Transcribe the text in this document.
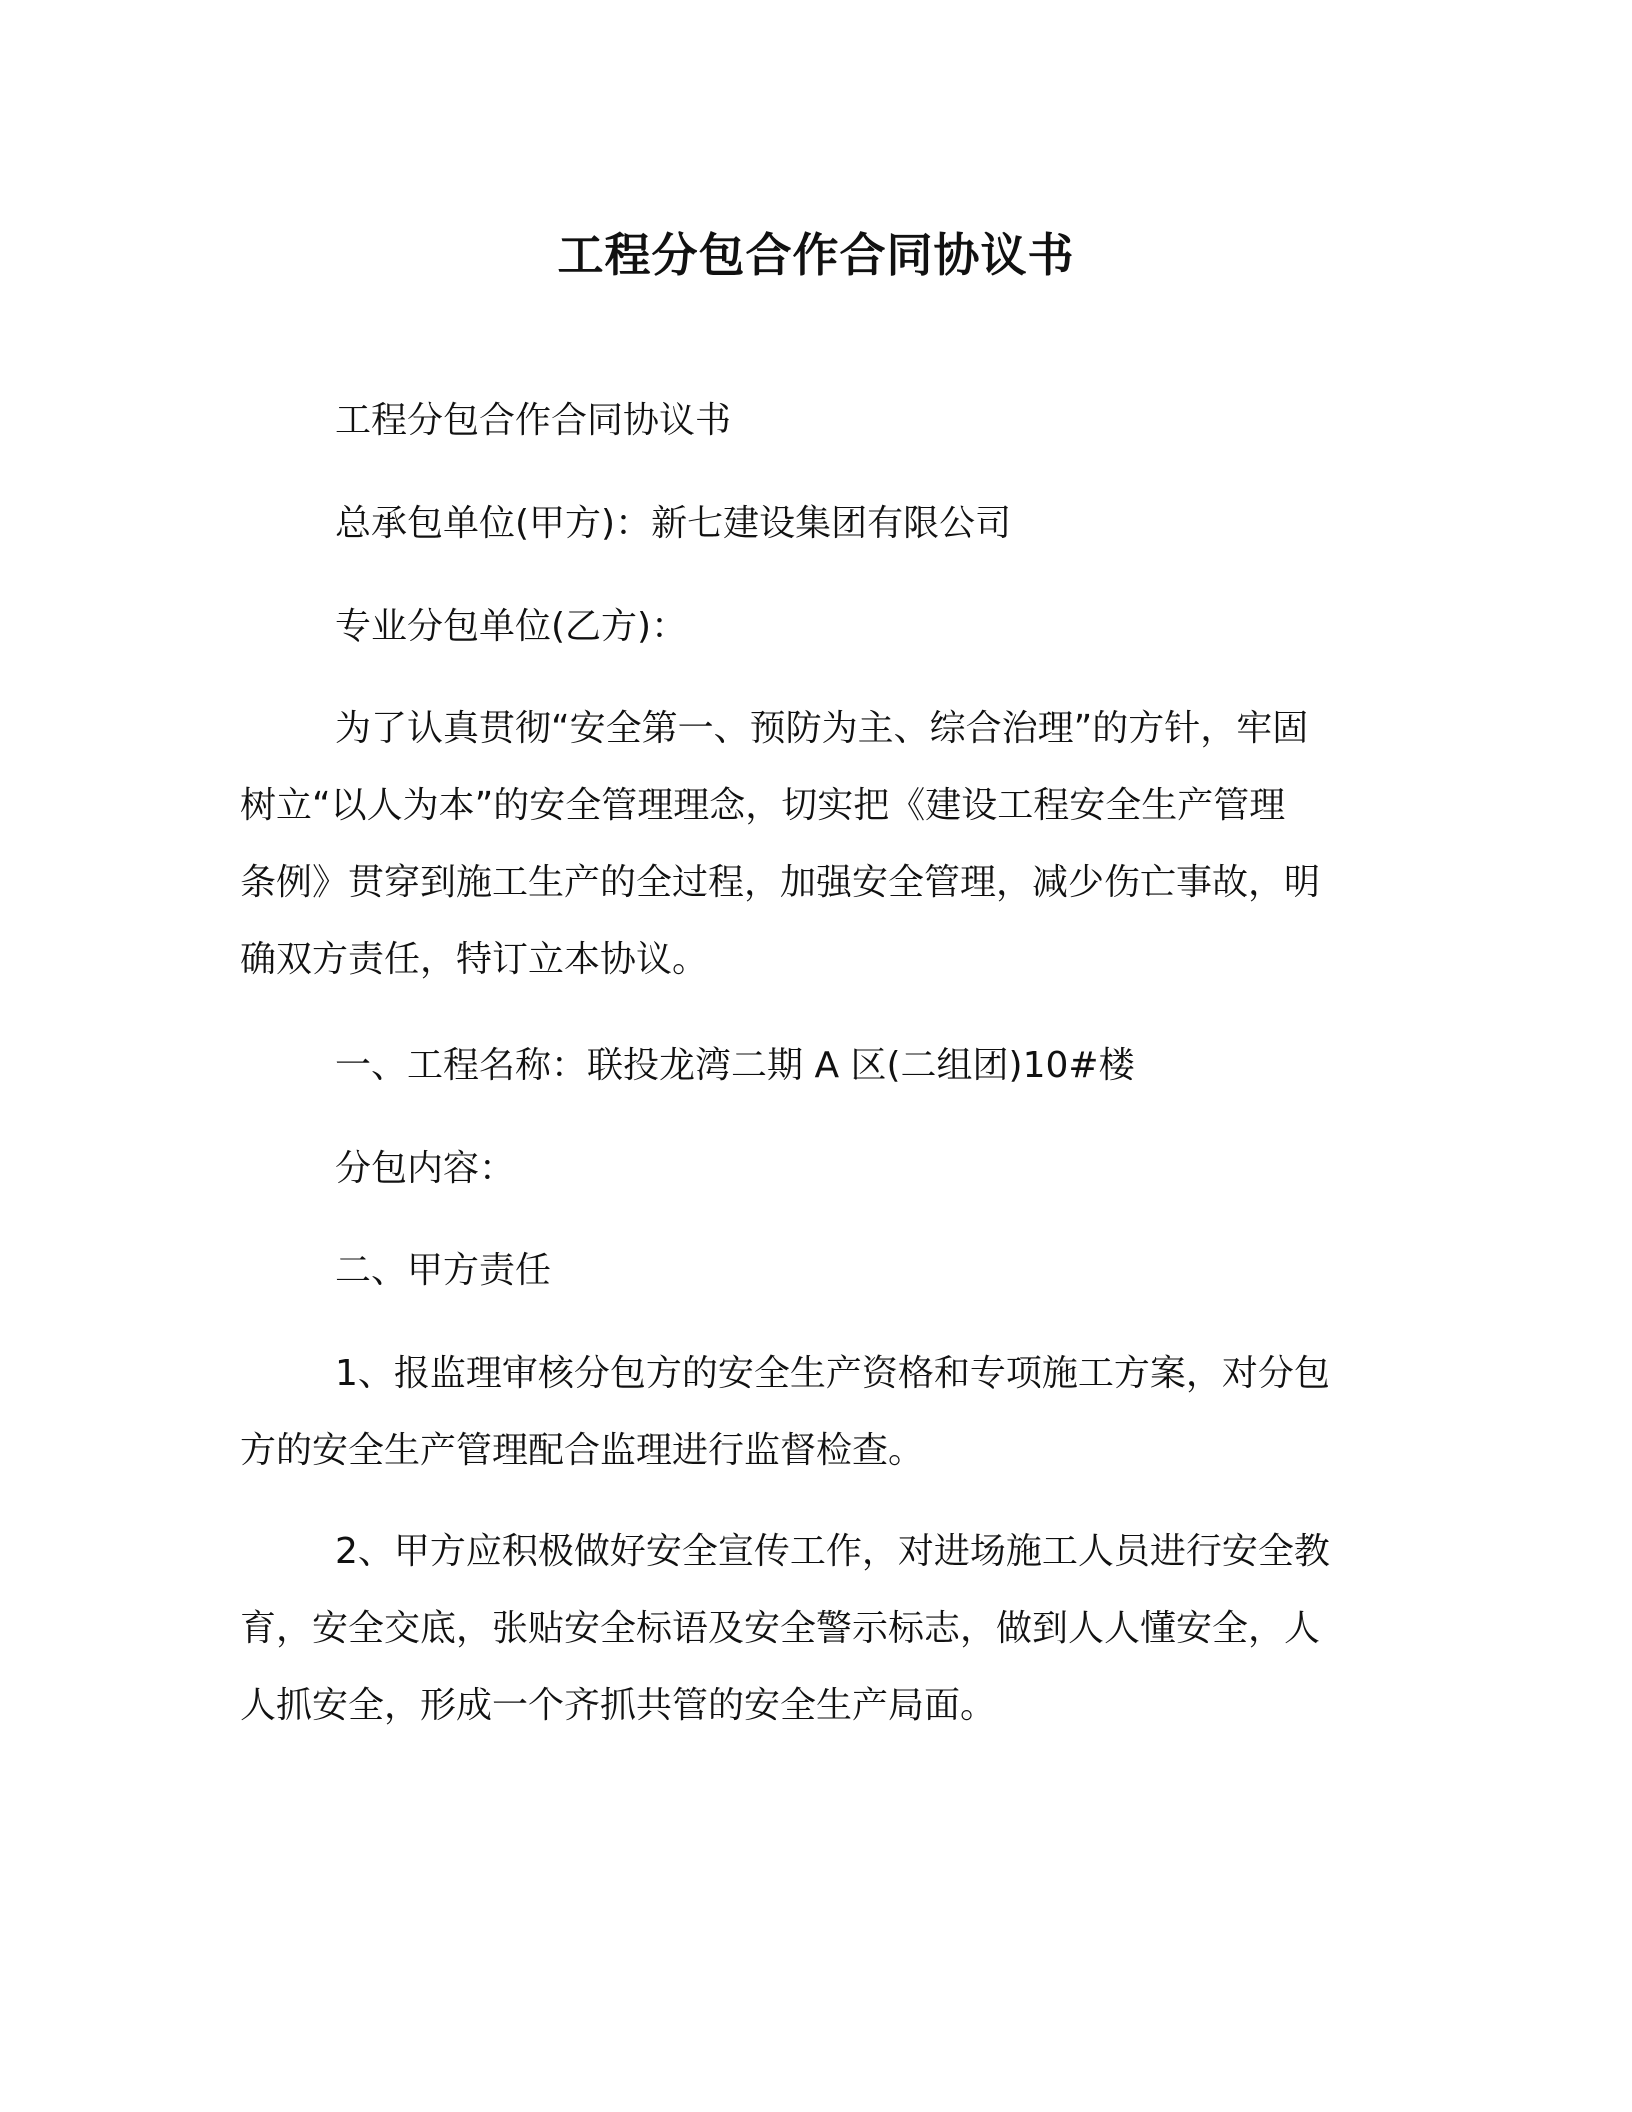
工程分包合作合同协议书
工程分包合作合同协议书
总承包单位(甲方)：新七建设集团有限公司
专业分包单位(乙方)：
为了认真贯彻“安全第一、预防为主、综合治理”的方针，牢固
树立“以人为本”的安全管理理念，切实把《建设工程安全生产管理
条例》贯穿到施工生产的全过程，加强安全管理，减少伤亡事故，明
确双方责任，特订立本协议。
一、工程名称：联投龙湾二期 A 区(二组团)10#楼
分包内容：
二、甲方责任
1、报监理审核分包方的安全生产资格和专项施工方案，对分包
方的安全生产管理配合监理进行监督检查。
2、甲方应积极做好安全宣传工作，对进场施工人员进行安全教
育，安全交底，张贴安全标语及安全警示标志，做到人人懂安全，人
人抓安全，形成一个齐抓共管的安全生产局面。
